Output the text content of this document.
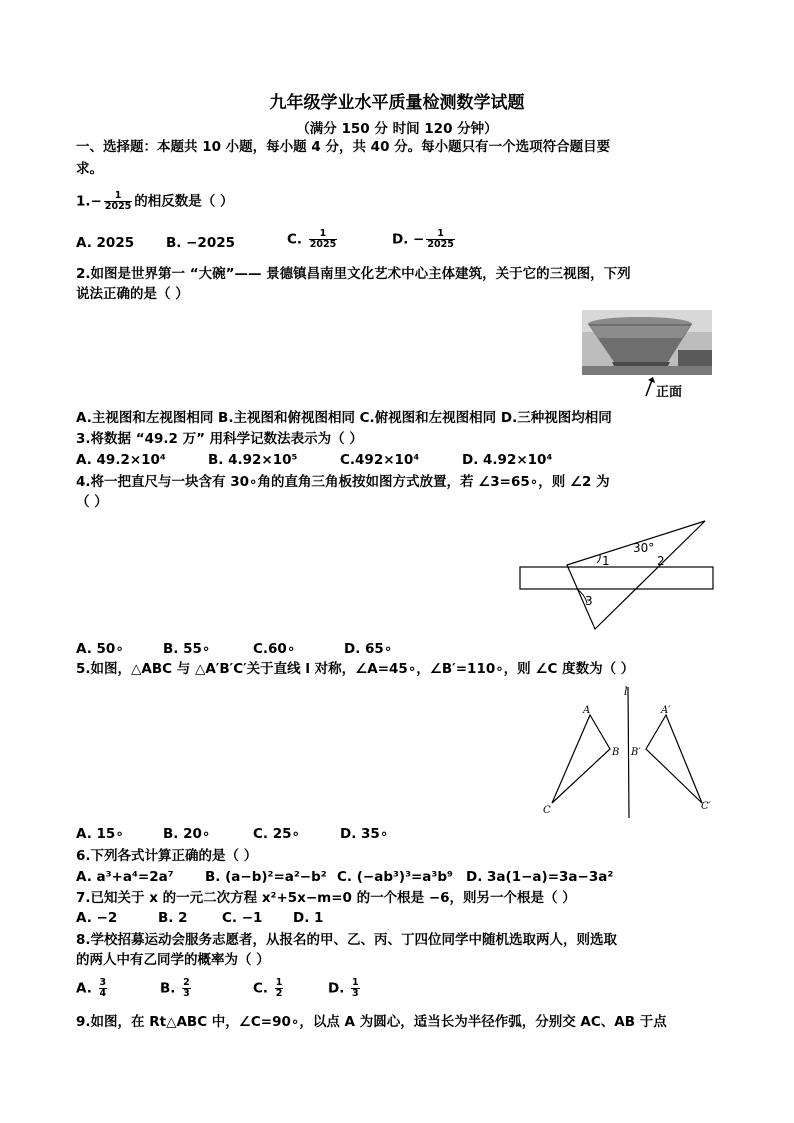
九年级学业水平质量检测数学试题
（满分 150 分 时间 120 分钟）
一、选择题：本题共 10 小题，每小题 4 分，共 40 分。每小题只有一个选项符合题目要
求。
$1.- \frac{1}{2025}$ 的相反数是（ ）
A. 2025 B. −2025	C. $\frac{1}{2025}$	D. − $\frac{1}{2025}$
2.如图是世界第一 “大碗”—— 景德镇昌南里文化艺术中心主体建筑，关于它的三视图，下列
说法正确的是（ ）
正面
A.主视图和左视图相同 B.主视图和俯视图相同 C.俯视图和左视图相同 D.三种视图均相同
3.将数据 “49.2 万” 用科学记数法表示为（ ）
A. 49.2×10⁴	B. 4.92×10⁵	C.492×10⁴	D. 4.92×10⁴
4.将一把直尺与一块含有 30∘角的直角三角板按如图方式放置，若 ∠3=65∘，则 ∠2 为
（ ）
30°
1	2
3
A. 50∘	B. 55∘	C.60∘	D. 65∘
5.如图，△ABC 与 △A′B′C′关于直线 l 对称，∠A=45∘，∠B′=110∘，则 ∠C 度数为（ ）
l
A
B
C
A′
B′
C′
A. 15∘	B. 20∘	C. 25∘	D. 35∘
6.下列各式计算正确的是（ ）
A. a³+a⁴=2a⁷ B. (a−b)²=a²−b² C. (−ab³)³=a³b⁹ D. 3a(1−a)=3a−3a²
7.已知关于 x 的一元二次方程 x²+5x−m=0 的一个根是 −6，则另一个根是（ ）
A. −2	B. 2	C. −1 D. 1
8.学校招募运动会服务志愿者，从报名的甲、乙、丙、丁四位同学中随机选取两人，则选取
的两人中有乙同学的概率为（ ）
A. $\frac{3}{4}$	B. $\frac{2}{3}$	C. $\frac{1}{2}$	D. $\frac{1}{3}$
9.如图，在 Rt△ABC 中，∠C=90∘，以点 A 为圆心，适当长为半径作弧，分别交 AC、AB 于点
